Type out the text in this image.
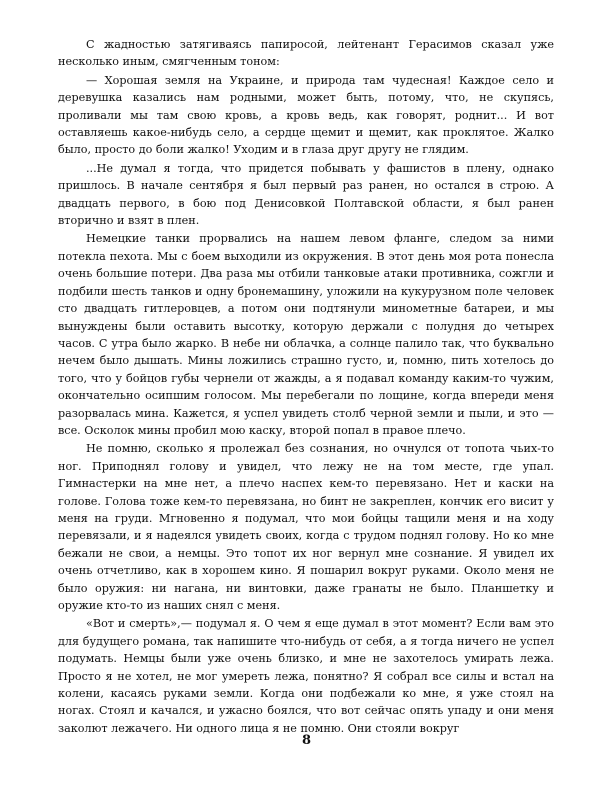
С жадностью затягиваясь папиросой, лейтенант Герасимов сказал уже несколько иным, смягченным тоном:

— Хорошая земля на Украине, и природа там чудесная! Каждое село и деревушка казались нам родными, может быть, потому, что, не скупясь, проливали мы там свою кровь, а кровь ведь, как говорят, роднит... И вот оставляешь какое-нибудь село, а сердце щемит и щемит, как проклятое. Жалко было, просто до боли жалко! Уходим и в глаза друг другу не глядим.

...Не думал я тогда, что придется побывать у фашистов в плену, однако пришлось. В начале сентября я был первый раз ранен, но остался в строю. А двадцать первого, в бою под Денисовкой Полтавской области, я был ранен вторично и взят в плен.

Немецкие танки прорвались на нашем левом фланге, следом за ними потекла пехота. Мы с боем выходили из окружения. В этот день моя рота понесла очень большие потери. Два раза мы отбили танковые атаки противника, сожгли и подбили шесть танков и одну бронемашину, уложили на кукурузном поле человек сто двадцать гитлеровцев, а потом они подтянули минометные батареи, и мы вынуждены были оставить высотку, которую держали с полудня до четырех часов. С утра было жарко. В небе ни облачка, а солнце палило так, что буквально нечем было дышать. Мины ложились страшно густо, и, помню, пить хотелось до того, что у бойцов губы чернели от жажды, а я подавал команду каким-то чужим, окончательно осипшим голосом. Мы перебегали по лощине, когда впереди меня разорвалась мина. Кажется, я успел увидеть столб черной земли и пыли, и это — все. Осколок мины пробил мою каску, второй попал в правое плечо.

Не помню, сколько я пролежал без сознания, но очнулся от топота чьих-то ног. Приподнял голову и увидел, что лежу не на том месте, где упал. Гимнастерки на мне нет, а плечо наспех кем-то перевязано. Нет и каски на голове. Голова тоже кем-то перевязана, но бинт не закреплен, кончик его висит у меня на груди. Мгновенно я подумал, что мои бойцы тащили меня и на ходу перевязали, и я надеялся увидеть своих, когда с трудом поднял голову. Но ко мне бежали не свои, а немцы. Это топот их ног вернул мне сознание. Я увидел их очень отчетливо, как в хорошем кино. Я пошарил вокруг руками. Около меня не было оружия: ни нагана, ни винтовки, даже гранаты не было. Планшетку и оружие кто-то из наших снял с меня.

«Вот и смерть»,— подумал я. О чем я еще думал в этот момент? Если вам это для будущего романа, так напишите что-нибудь от себя, а я тогда ничего не успел подумать. Немцы были уже очень близко, и мне не захотелось умирать лежа. Просто я не хотел, не мог умереть лежа, понятно? Я собрал все силы и встал на колени, касаясь руками земли. Когда они подбежали ко мне, я уже стоял на ногах. Стоял и качался, и ужасно боялся, что вот сейчас опять упаду и они меня заколют лежачего. Ни одного лица я не помню. Они стояли вокруг

8
